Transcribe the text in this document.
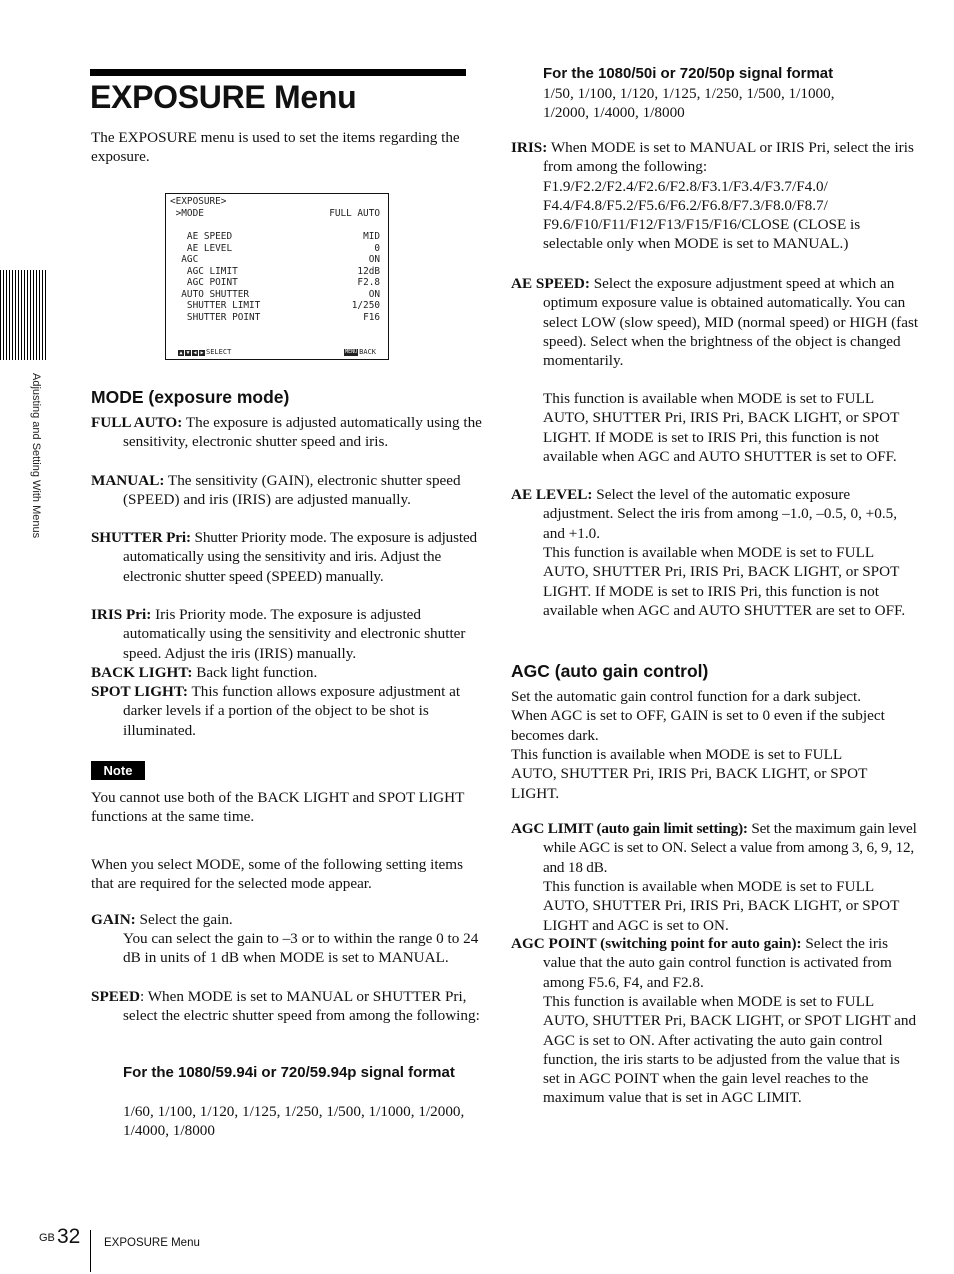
EXPOSURE Menu

The EXPOSURE menu is used to set the items regarding the exposure.

<EXPOSURE>
>MODE	FULL AUTO
AE SPEED	MID
AE LEVEL	0
AGC	ON
AGC LIMIT	12dB
AGC POINT	F2.8
AUTO SHUTTER	ON
SHUTTER LIMIT	1/250
SHUTTER POINT	F16
▲ ▼ ◀ ▶ SELECT	MENU BACK
MODE (exposure mode)

FULL AUTO: The exposure is adjusted automatically using the sensitivity, electronic shutter speed and iris.

MANUAL: The sensitivity (GAIN), electronic shutter speed (SPEED) and iris (IRIS) are adjusted manually.

SHUTTER Pri: Shutter Priority mode. The exposure is adjusted automatically using the sensitivity and iris. Adjust the electronic shutter speed (SPEED) manually.

IRIS Pri: Iris Priority mode. The exposure is adjusted automatically using the sensitivity and electronic shutter speed. Adjust the iris (IRIS) manually.

BACK LIGHT: Back light function.

SPOT LIGHT: This function allows exposure adjustment at darker levels if a portion of the object to be shot is illuminated.

Note

You cannot use both of the BACK LIGHT and SPOT LIGHT functions at the same time.

When you select MODE, some of the following setting items that are required for the selected mode appear.

GAIN: Select the gain.

You can select the gain to –3 or to within the range 0 to 24 dB in units of 1 dB when MODE is set to MANUAL.

SPEED: When MODE is set to MANUAL or SHUTTER Pri, select the electric shutter speed from among the following:

For the 1080/59.94i or 720/59.94p signal format

1/60, 1/100, 1/120, 1/125, 1/250, 1/500, 1/1000, 1/2000, 1/4000, 1/8000

For the 1080/50i or 720/50p signal format

1/50, 1/100, 1/120, 1/125, 1/250, 1/500, 1/1000, 1/2000, 1/4000, 1/8000

IRIS: When MODE is set to MANUAL or IRIS Pri, select the iris from among the following: F1.9/F2.2/F2.4/F2.6/F2.8/F3.1/F3.4/F3.7/F4.0/ F4.4/F4.8/F5.2/F5.6/F6.2/F6.8/F7.3/F8.0/F8.7/ F9.6/F10/F11/F12/F13/F15/F16/CLOSE (CLOSE is selectable only when MODE is set to MANUAL.)

AE SPEED: Select the exposure adjustment speed at which an optimum exposure value is obtained automatically. You can select LOW (slow speed), MID (normal speed) or HIGH (fast speed). Select when the brightness of the object is changed momentarily.

This function is available when MODE is set to FULL AUTO, SHUTTER Pri, IRIS Pri, BACK LIGHT, or SPOT LIGHT. If MODE is set to IRIS Pri, this function is not available when AGC and AUTO SHUTTER is set to OFF.

AE LEVEL: Select the level of the automatic exposure adjustment. Select the iris from among –1.0, –0.5, 0, +0.5, and +1.0.

This function is available when MODE is set to FULL AUTO, SHUTTER Pri, IRIS Pri, BACK LIGHT, or SPOT LIGHT. If MODE is set to IRIS Pri, this function is not available when AGC and AUTO SHUTTER are set to OFF.

AGC (auto gain control)

Set the automatic gain control function for a dark subject. When AGC is set to OFF, GAIN is set to 0 even if the subject becomes dark.

This function is available when MODE is set to FULL AUTO, SHUTTER Pri, IRIS Pri, BACK LIGHT, or SPOT LIGHT.

AGC LIMIT (auto gain limit setting): Set the maximum gain level while AGC is set to ON. Select a value from among 3, 6, 9, 12, and 18 dB.

This function is available when MODE is set to FULL AUTO, SHUTTER Pri, IRIS Pri, BACK LIGHT, or SPOT LIGHT and AGC is set to ON.

AGC POINT (switching point for auto gain): Select the iris value that the auto gain control function is activated from among F5.6, F4, and F2.8.

This function is available when MODE is set to FULL AUTO, SHUTTER Pri, BACK LIGHT, or SPOT LIGHT and AGC is set to ON. After activating the auto gain control function, the iris starts to be adjusted from the value that is set in AGC POINT when the gain level reaches to the maximum value that is set in AGC LIMIT.

Adjusting and Setting With Menus
GB 32 EXPOSURE Menu
